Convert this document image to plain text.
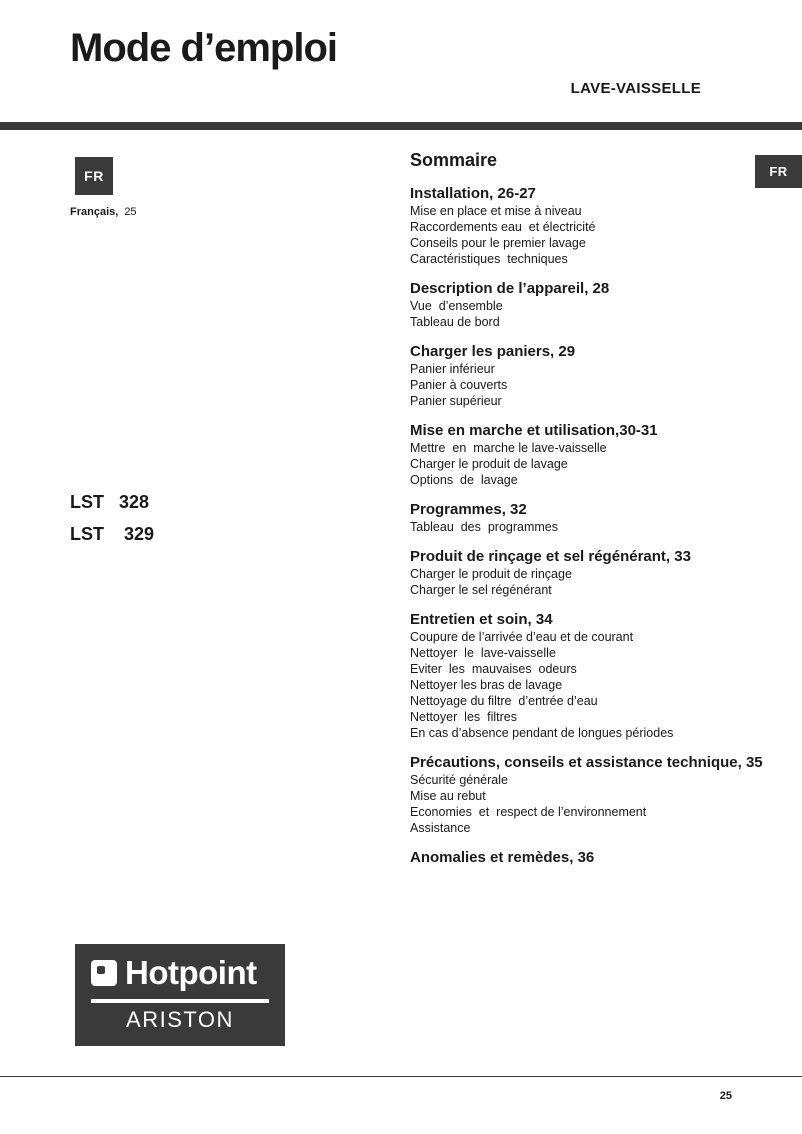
Mode d’emploi
LAVE-VAISSELLE
FR	FR
Français, 25
LST   328
LST    329
Sommaire
Installation, 26-27
Mise en place et mise à niveau
Raccordements eau  et électricité
Conseils pour le premier lavage
Caractéristiques  techniques
Description de l’appareil, 28
Vue  d’ensemble
Tableau de bord
Charger les paniers, 29
Panier inférieur
Panier à couverts
Panier supérieur
Mise en marche et utilisation,30-31
Mettre  en  marche le lave-vaisselle
Charger le produit de lavage
Options  de  lavage
Programmes, 32
Tableau  des  programmes
Produit de rinçage et sel régénérant, 33
Charger le produit de rinçage
Charger le sel régénérant
Entretien et soin, 34
Coupure de l’arrivée d’eau et de courant
Nettoyer  le  lave-vaisselle
Eviter  les  mauvaises  odeurs
Nettoyer les bras de lavage
Nettoyage du filtre  d’entrée d’eau
Nettoyer  les  filtres
En cas d’absence pendant de longues périodes
Précautions, conseils et assistance technique, 35
Sécurité générale
Mise au rebut
Economies  et  respect de l’environnement
Assistance
Anomalies et remèdes, 36
Hotpoint
ARISTON
25
